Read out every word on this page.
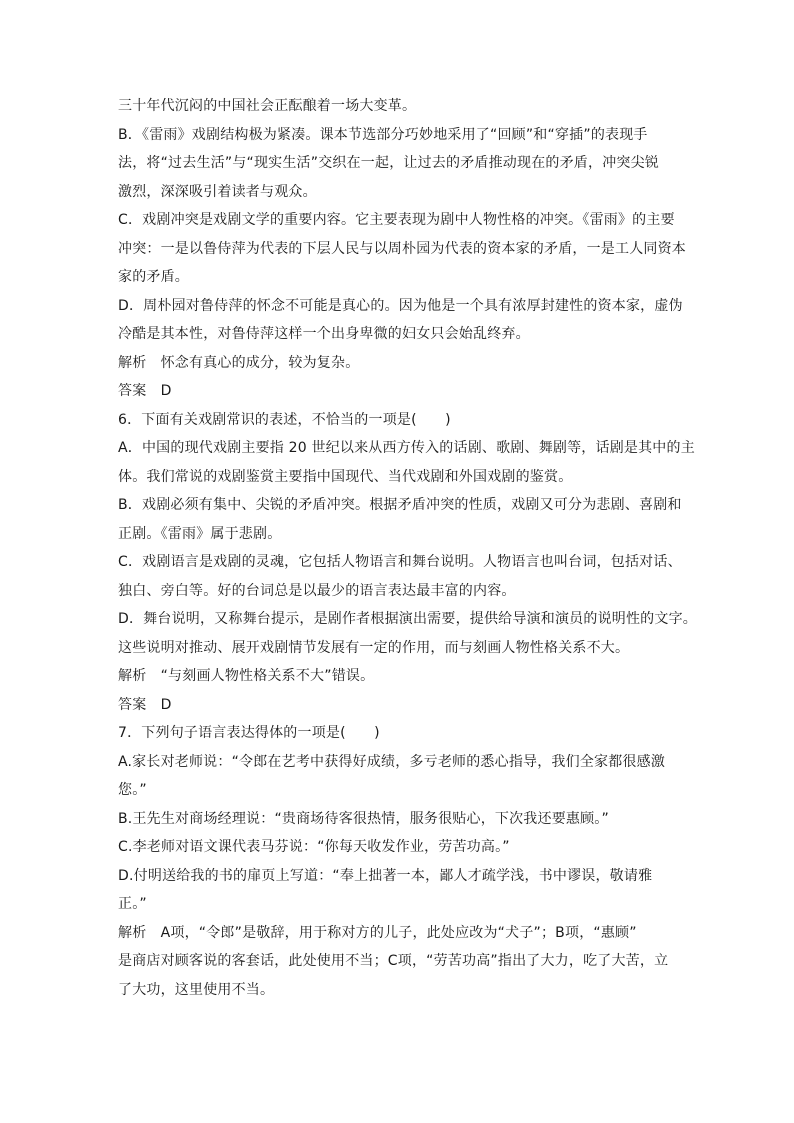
三十年代沉闷的中国社会正酝酿着一场大变革。
B．《雷雨》戏剧结构极为紧凑。课本节选部分巧妙地采用了“回顾”和“穿插”的表现手
法，将“过去生活”与“现实生活”交织在一起，让过去的矛盾推动现在的矛盾，冲突尖锐
激烈，深深吸引着读者与观众。
C．戏剧冲突是戏剧文学的重要内容。它主要表现为剧中人物性格的冲突。《雷雨》的主要
冲突：一是以鲁侍萍为代表的下层人民与以周朴园为代表的资本家的矛盾，一是工人同资本
家的矛盾。
D．周朴园对鲁侍萍的怀念不可能是真心的。因为他是一个具有浓厚封建性的资本家，虚伪
冷酷是其本性，对鲁侍萍这样一个出身卑微的妇女只会始乱终弃。
解析　怀念有真心的成分，较为复杂。
答案　D
6．下面有关戏剧常识的表述，不恰当的一项是(　　)
A．中国的现代戏剧主要指 20 世纪以来从西方传入的话剧、歌剧、舞剧等，话剧是其中的主
体。我们常说的戏剧鉴赏主要指中国现代、当代戏剧和外国戏剧的鉴赏。
B．戏剧必须有集中、尖锐的矛盾冲突。根据矛盾冲突的性质，戏剧又可分为悲剧、喜剧和
正剧。《雷雨》属于悲剧。
C．戏剧语言是戏剧的灵魂，它包括人物语言和舞台说明。人物语言也叫台词，包括对话、
独白、旁白等。好的台词总是以最少的语言表达最丰富的内容。
D．舞台说明，又称舞台提示，是剧作者根据演出需要，提供给导演和演员的说明性的文字。
这些说明对推动、展开戏剧情节发展有一定的作用，而与刻画人物性格关系不大。
解析　“与刻画人物性格关系不大”错误。
答案　D
7．下列句子语言表达得体的一项是(　　)
A.家长对老师说：“令郎在艺考中获得好成绩，多亏老师的悉心指导，我们全家都很感激
您。”
B.王先生对商场经理说：“贵商场待客很热情，服务很贴心，下次我还要惠顾。”
C.李老师对语文课代表马芬说：“你每天收发作业，劳苦功高。”
D.付明送给我的书的扉页上写道：“奉上拙著一本，鄙人才疏学浅，书中谬误，敬请雅
正。”
解析　A项，“令郎”是敬辞，用于称对方的儿子，此处应改为“犬子”；B项，“惠顾”
是商店对顾客说的客套话，此处使用不当；C项，“劳苦功高”指出了大力，吃了大苦，立
了大功，这里使用不当。
